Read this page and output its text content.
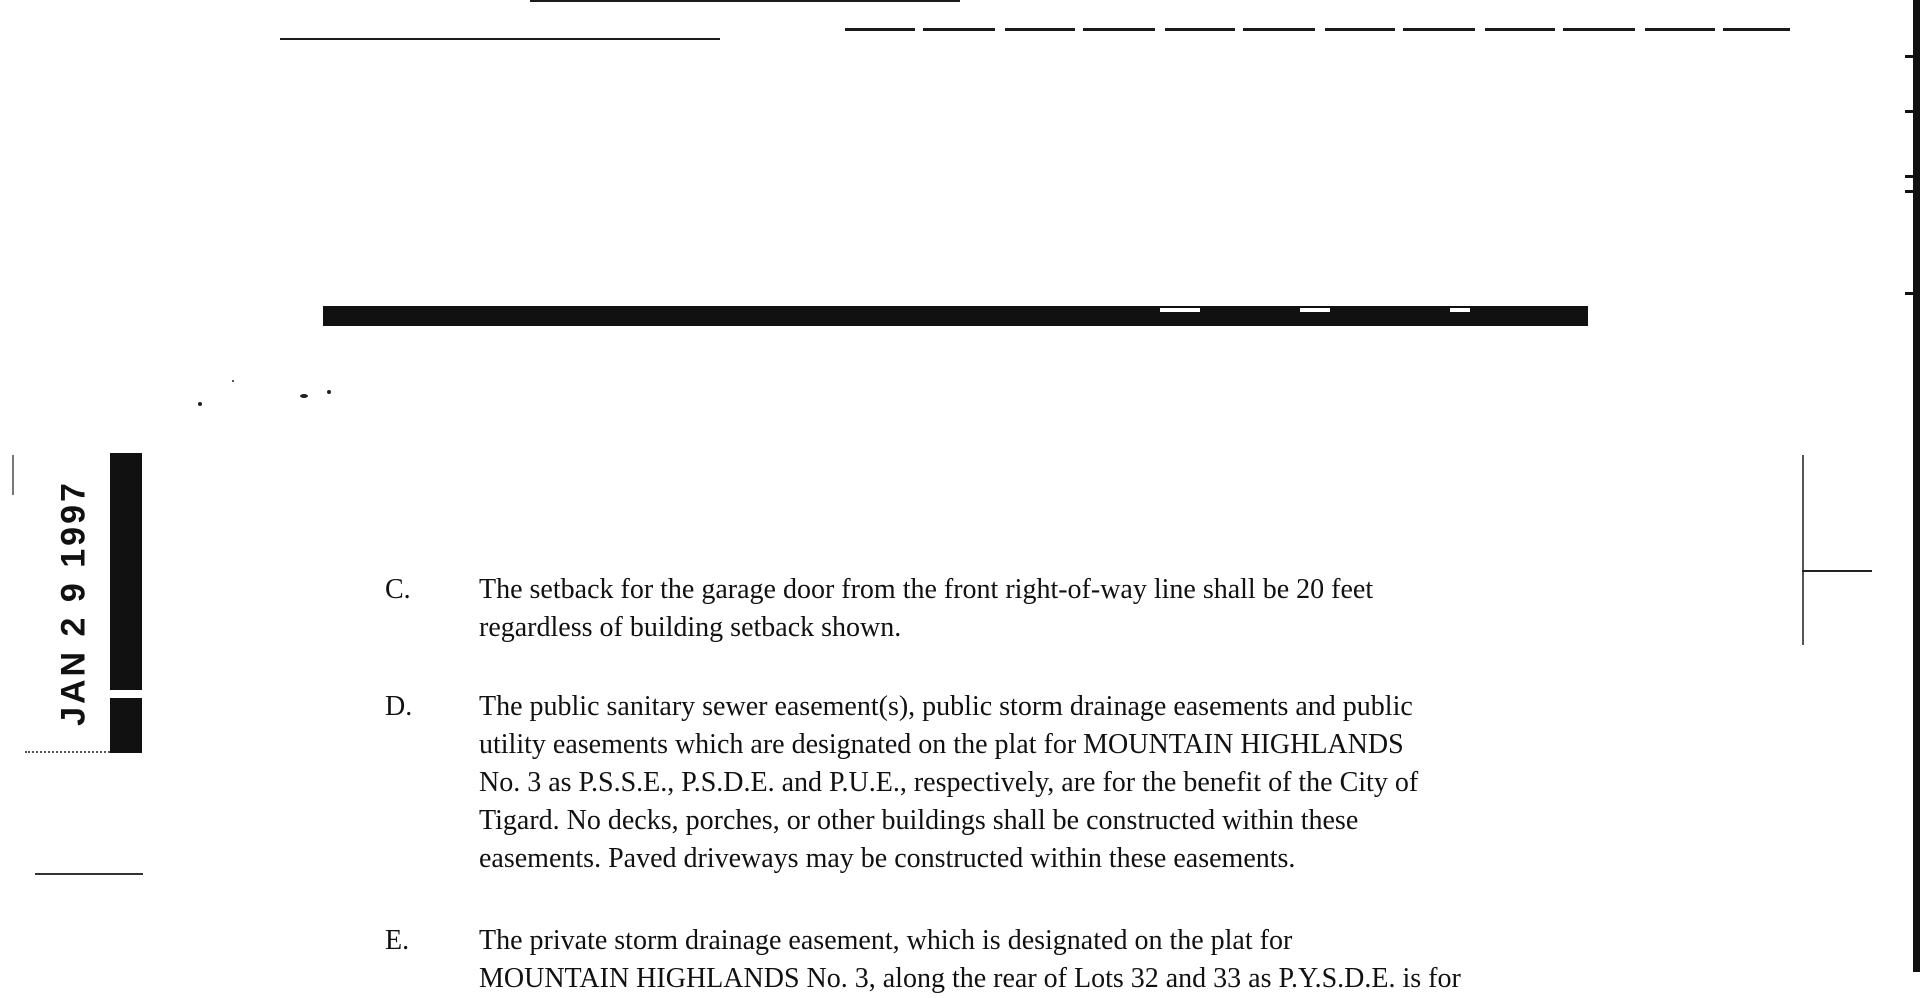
JAN 2 9 1997	C. The setback for the garage door from the front right-of-way line shall be 20 feet
regardless of building setback shown.
D. The public sanitary sewer easement(s), public storm drainage easements and public
utility easements which are designated on the plat for MOUNTAIN HIGHLANDS
No. 3 as P.S.S.E., P.S.D.E. and P.U.E., respectively, are for the benefit of the City of
Tigard. No decks, porches, or other buildings shall be constructed within these
easements. Paved driveways may be constructed within these easements.
E. The private storm drainage easement, which is designated on the plat for
MOUNTAIN HIGHLANDS No. 3, along the rear of Lots 32 and 33 as P.Y.S.D.E. is for
